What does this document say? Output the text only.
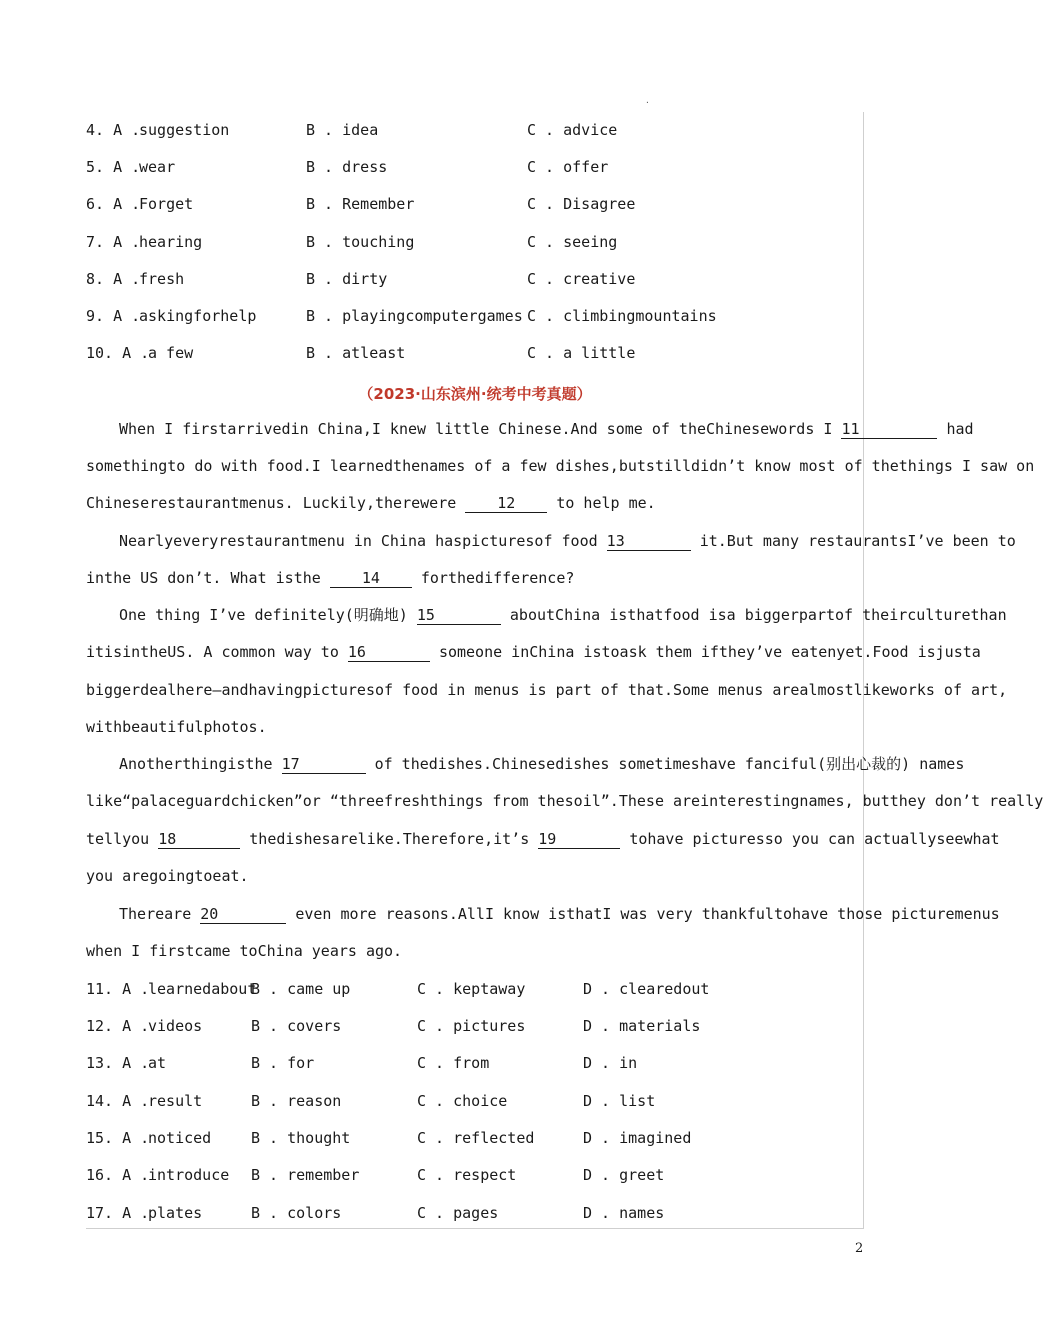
.
4. A .
suggestion	B . idea	C . advice
5. A .
wear	B . dress	C . offer
6. A .
Forget	B . Remember	C . Disagree
7. A .
hearing	B . touching	C . seeing
8. A .
fresh	B . dirty	C . creative
9. A .
askingforhelp	B . playingcomputergames C . climbingmountains
10. A .
a few	B . atleast	C . a little
（2023·山东滨州·统考中考真题）
When I firstarrivedin China,I knew little Chinese.And some of theChinesewords I 11	had
somethingto do with food.I learnedthenames of a few dishes,butstilldidn’t know most of thethings I saw on
Chineserestaurantmenus. Luckily,therewere	12	to help me.
Nearlyeveryrestaurantmenu in China haspicturesof food 13	it.But many restaurantsI’ve been to
inthe US don’t. What isthe	14	forthedifference?
One thing I’ve definitely(明确地) 15	aboutChina isthatfood isa biggerpartof theirculturethan
itisintheUS. A common way to 16	someone inChina istoask them ifthey’ve eatenyet.Food isjusta
biggerdealhere—andhavingpicturesof food in menus is part of that.Some menus arealmostlikeworks of art,
withbeautifulphotos.
Anotherthingisthe 17	of thedishes.Chinesedishes sometimeshave fanciful(别出心裁的) names
like“palaceguardchicken”or “threefreshthings from thesoil”.These areinterestingnames, butthey don’t really
tellyou 18	thedishesarelike.Therefore,it’s 19	tohave picturesso you can actuallyseewhat
you aregoingtoeat.
Thereare 20	even more reasons.AllI know isthatI was very thankfultohave those picturemenus
when I firstcame toChina years ago.
11. A .
learnedabout
B . came up	C . keptaway	D . clearedout
12. A .
videos	B . covers	C . pictures	D . materials
13. A .
at	B . for	C . from	D . in
14. A .
result	B . reason	C . choice	D . list
15. A .
noticed	B . thought	C . reflected	D . imagined
16. A .
introduce B . remember	C . respect	D . greet
17. A .
plates	B . colors	C . pages	D . names
2
